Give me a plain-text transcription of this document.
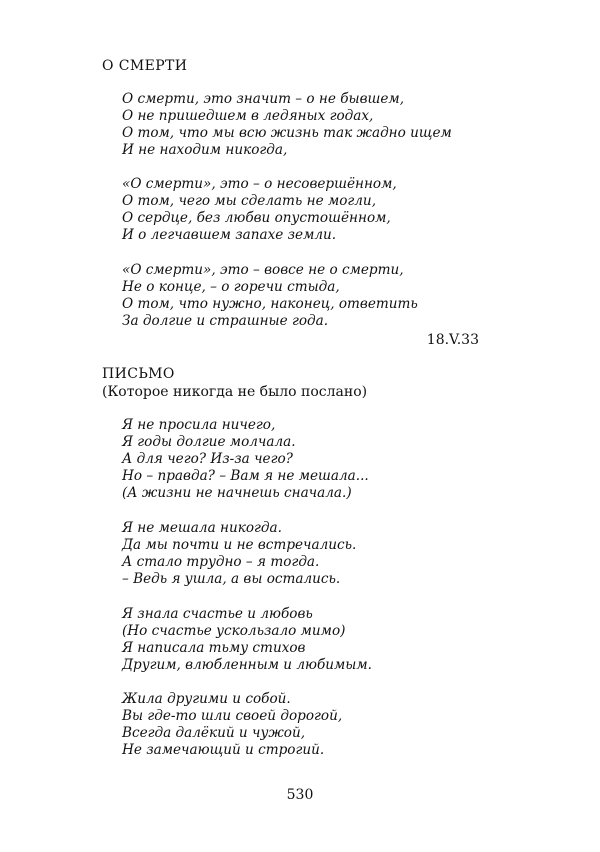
О СМЕРТИ
О смерти, это значит – о не бывшем,
О не пришедшем в ледяных годах,
О том, что мы всю жизнь так жадно ищем
И не находим никогда,
«О смерти», это – о несовершённом,
О том, чего мы сделать не могли,
О сердце, без любви опустошённом,
И о легчавшем запахе земли.
«О смерти», это – вовсе не о смерти,
Не о конце, – о горечи стыда,
О том, что нужно, наконец, ответить
За долгие и страшные года.
18.V.33
ПИСЬМО
(Которое никогда не было послано)
Я не просила ничего,
Я годы долгие молчала.
А для чего? Из-за чего?
Но – правда? – Вам я не мешала...
(А жизни не начнешь сначала.)
Я не мешала никогда.
Да мы почти и не встречались.
А стало трудно – я тогда.
– Ведь я ушла, а вы остались.
Я знала счастье и любовь
(Но счастье ускользало мимо)
Я написала тьму стихов
Другим, влюбленным и любимым.
Жила другими и собой.
Вы где-то шли своей дорогой,
Всегда далёкий и чужой,
Не замечающий и строгий.
530
